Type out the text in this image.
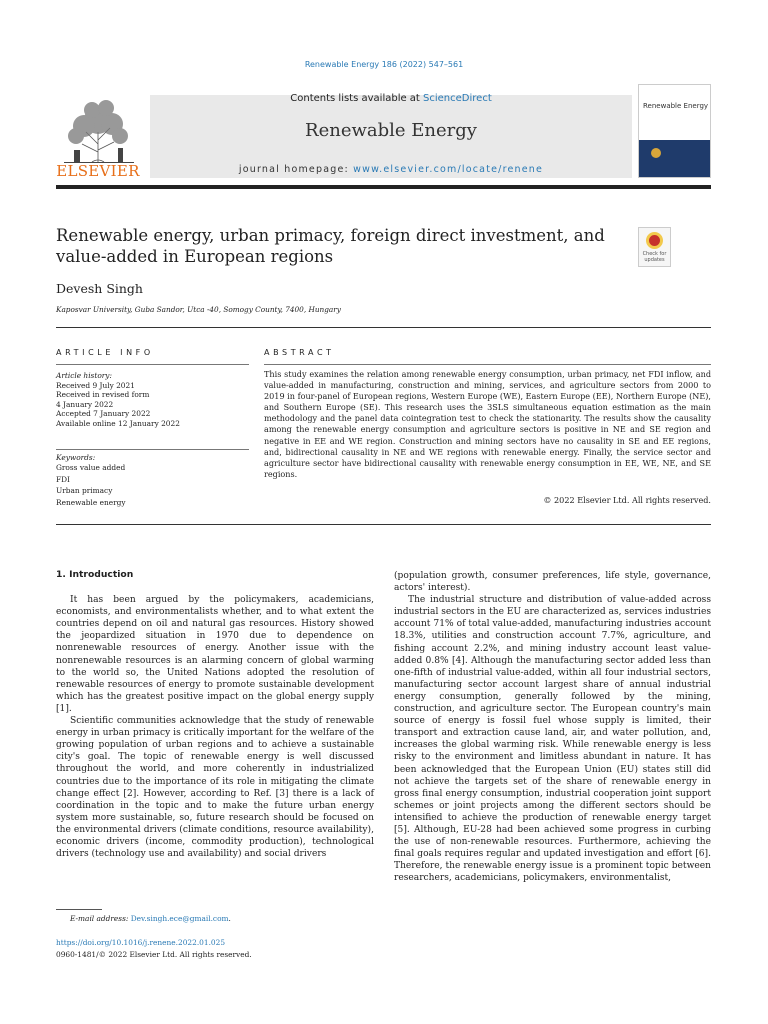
Renewable Energy 186 (2022) 547–561
Contents lists available at ScienceDirect
Renewable Energy
journal homepage: www.elsevier.com/locate/renene
ELSEVIER
Renewable Energy
Renewable energy, urban primacy, foreign direct investment, and value-added in European regions	Check for updates
Devesh Singh
Kaposvar University, Guba Sandor, Utca -40, Somogy County, 7400, Hungary
ARTICLE INFO	ABSTRACT
Article history:
Received 9 July 2021
Received in revised form
4 January 2022
Accepted 7 January 2022
Available online 12 January 2022
Keywords:
Gross value added
FDI
Urban primacy
Renewable energy
This study examines the relation among renewable energy consumption, urban primacy, net FDI inflow, and value-added in manufacturing, construction and mining, services, and agriculture sectors from 2000 to 2019 in four-panel of European regions, Western Europe (WE), Eastern Europe (EE), Northern Europe (NE), and Southern Europe (SE). This research uses the 3SLS simultaneous equation estimation as the main methodology and the panel data cointegration test to check the stationarity. The results show the causality among the renewable energy consumption and agriculture sectors is positive in NE and SE region and negative in EE and WE region. Construction and mining sectors have no causality in SE and EE regions, and, bidirectional causality in NE and WE regions with renewable energy. Finally, the service sector and agriculture sector have bidirectional causality with renewable energy consumption in EE, WE, NE, and SE regions.
© 2022 Elsevier Ltd. All rights reserved.
1. Introduction

It has been argued by the policymakers, academicians, economists, and environmentalists whether, and to what extent the countries depend on oil and natural gas resources. History showed the jeopardized situation in 1970 due to dependence on nonrenewable resources of energy. Another issue with the nonrenewable resources is an alarming concern of global warming to the world so, the United Nations adopted the resolution of renewable resources of energy to promote sustainable development which has the greatest positive impact on the global energy supply [1].

Scientific communities acknowledge that the study of renewable energy in urban primacy is critically important for the welfare of the growing population of urban regions and to achieve a sustainable city's goal. The topic of renewable energy is well discussed throughout the world, and more coherently in industrialized countries due to the importance of its role in mitigating the climate change effect [2]. However, according to Ref. [3] there is a lack of coordination in the topic and to make the future urban energy system more sustainable, so, future research should be focused on the environmental drivers (climate conditions, resource availability), economic drivers (income, commodity production), technological drivers (technology use and availability) and social drivers

(population growth, consumer preferences, life style, governance, actors' interest).

The industrial structure and distribution of value-added across industrial sectors in the EU are characterized as, services industries account 71% of total value-added, manufacturing industries account 18.3%, utilities and construction account 7.7%, agriculture, and fishing account 2.2%, and mining industry account least value-added 0.8% [4]. Although the manufacturing sector added less than one-fifth of industrial value-added, within all four industrial sectors, manufacturing sector account largest share of annual industrial energy consumption, generally followed by the mining, construction, and agriculture sector. The European country's main source of energy is fossil fuel whose supply is limited, their transport and extraction cause land, air, and water pollution, and, increases the global warming risk. While renewable energy is less risky to the environment and limitless abundant in nature. It has been acknowledged that the European Union (EU) states still did not achieve the targets set of the share of renewable energy in gross final energy consumption, industrial cooperation joint support schemes or joint projects among the different sectors should be intensified to achieve the production of renewable energy target [5]. Although, EU-28 had been achieved some progress in curbing the use of non-renewable resources. Furthermore, achieving the final goals requires regular and updated investigation and effort [6]. Therefore, the renewable energy issue is a prominent topic between researchers, academicians, policymakers, environmentalist,

E-mail address: Dev.singh.ece@gmail.com.
https://doi.org/10.1016/j.renene.2022.01.025
0960-1481/© 2022 Elsevier Ltd. All rights reserved.
